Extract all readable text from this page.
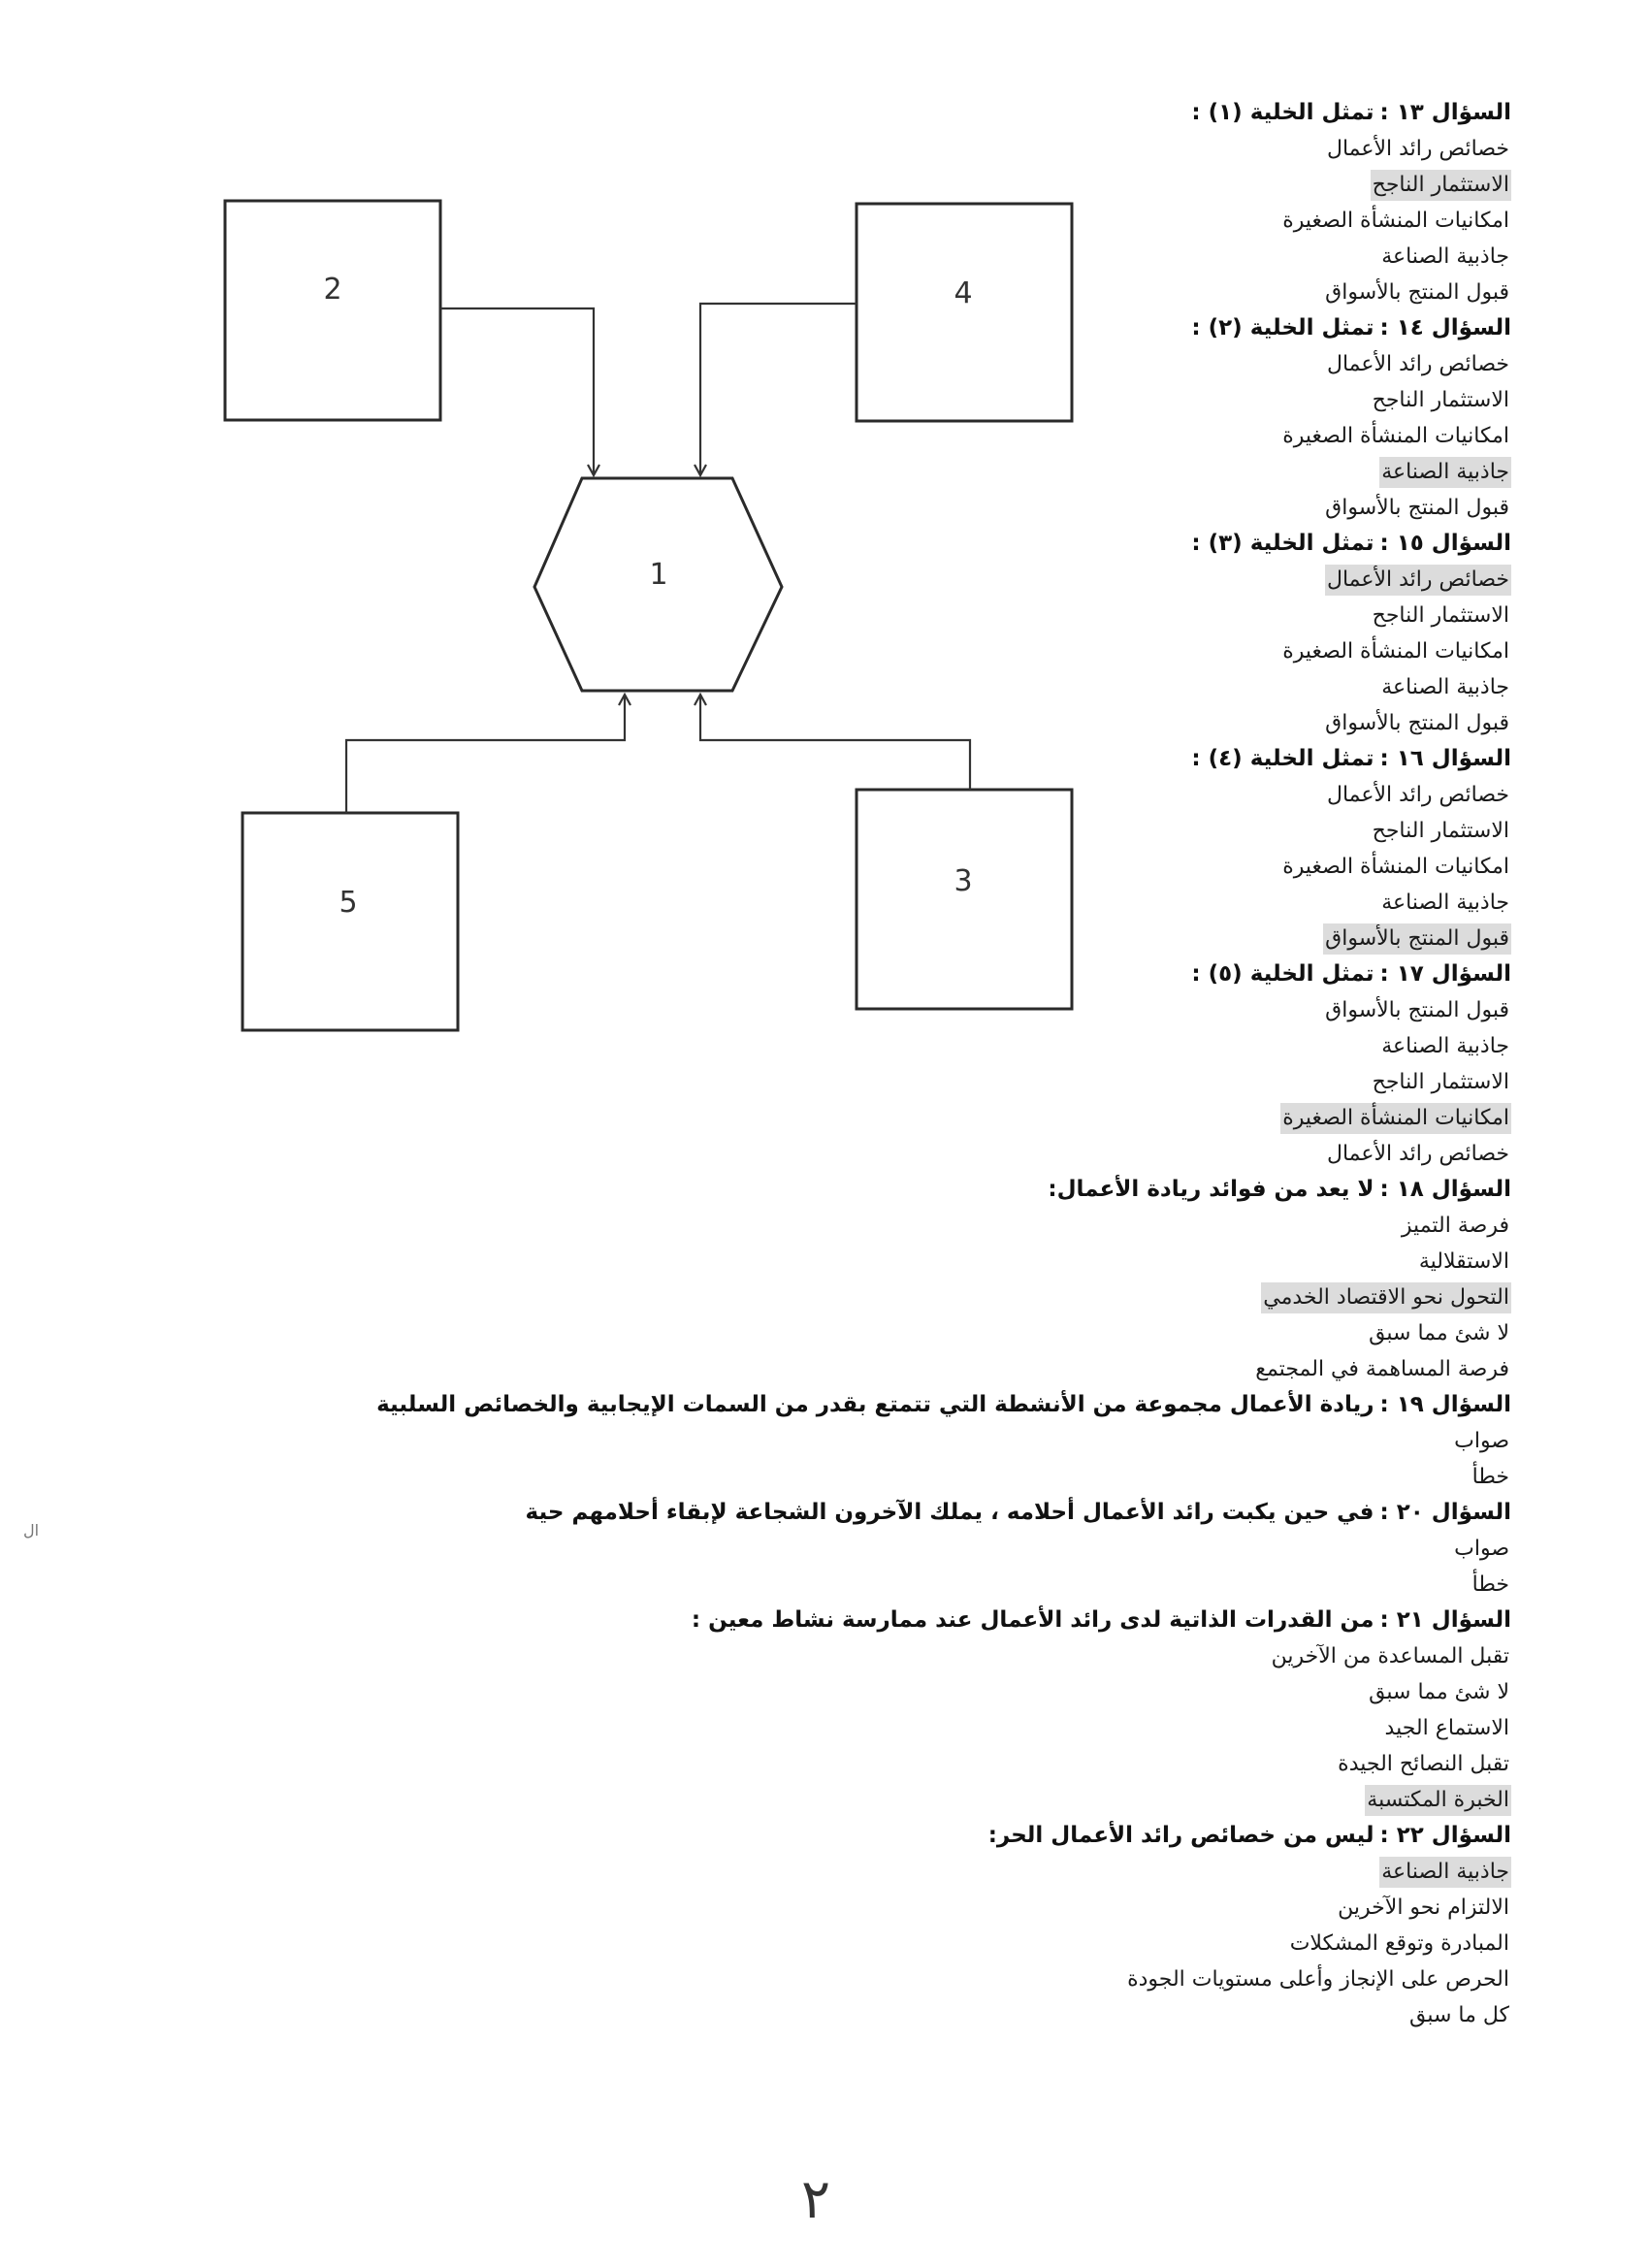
2	4
5
3
1
السؤال ١٣ :تمثل الخلية (١) :
خصائص رائد الأعمال
الاستثمار الناجح
امكانيات المنشأة الصغيرة
جاذبية الصناعة
قبول المنتج بالأسواق
السؤال ١٤ :تمثل الخلية (٢) :
خصائص رائد الأعمال
الاستثمار الناجح
امكانيات المنشأة الصغيرة
جاذبية الصناعة
قبول المنتج بالأسواق
السؤال ١٥ :تمثل الخلية (٣) :
خصائص رائد الأعمال
الاستثمار الناجح
امكانيات المنشأة الصغيرة
جاذبية الصناعة
قبول المنتج بالأسواق
السؤال ١٦ :تمثل الخلية (٤) :
خصائص رائد الأعمال
الاستثمار الناجح
امكانيات المنشأة الصغيرة
جاذبية الصناعة
قبول المنتج بالأسواق
السؤال ١٧ :تمثل الخلية (٥) :
قبول المنتج بالأسواق
جاذبية الصناعة
الاستثمار الناجح
امكانيات المنشأة الصغيرة
خصائص رائد الأعمال
السؤال ١٨ :لا يعد من فوائد ريادة الأعمال:
فرصة التميز
الاستقلالية
التحول نحو الاقتصاد الخدمي
لا شئ مما سبق
فرصة المساهمة في المجتمع
السؤال ١٩ :ريادة الأعمال مجموعة من الأنشطة التي تتمتع بقدر من السمات الإيجابية والخصائص السلبية
صواب
خطأ
السؤال ٢٠ :في حين يكبت رائد الأعمال أحلامه ، يملك الآخرون الشجاعة لإبقاء أحلامهم حية
صواب
خطأ
السؤال ٢١ :من القدرات الذاتية لدى رائد الأعمال عند ممارسة نشاط معين :
تقبل المساعدة من الآخرين
لا شئ مما سبق
الاستماع الجيد
تقبل النصائح الجيدة
الخبرة المكتسبة
السؤال ٢٢ :ليس من خصائص رائد الأعمال الحر:
جاذبية الصناعة
الالتزام نحو الآخرين
المبادرة وتوقع المشكلات
الحرص على الإنجاز وأعلى مستويات الجودة
كل ما سبق
٢
ال
